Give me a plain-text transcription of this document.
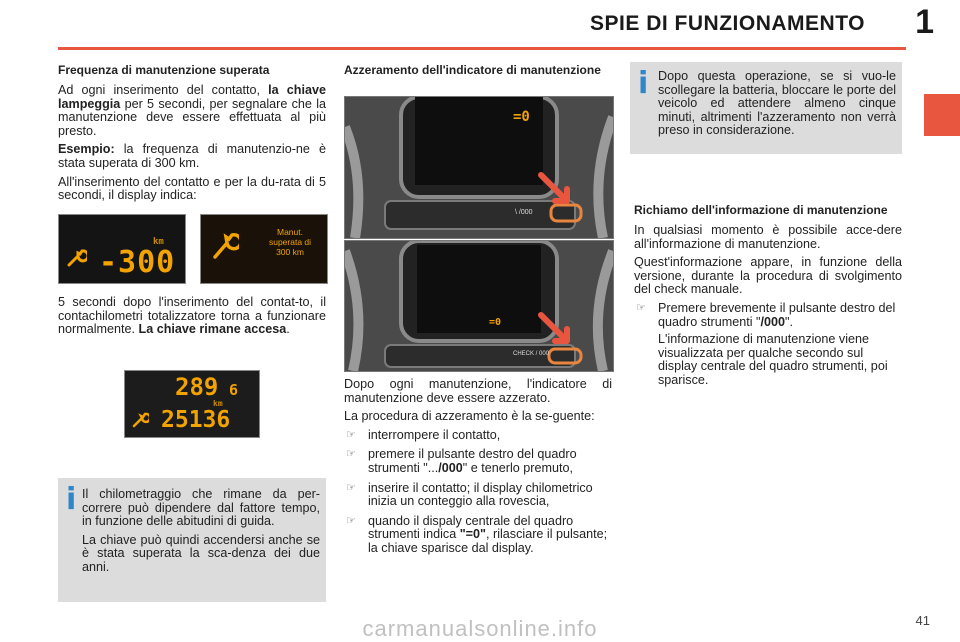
SPIE DI FUNZIONAMENTO 1
Frequenza di manutenzione superata

Ad ogni inserimento del contatto, la chiave lampeggia per 5 secondi, per segnalare che la manutenzione deve essere effettuata al più presto.

Esempio: la frequenza di manutenzio-ne è stata superata di 300 km.

All'inserimento del contatto e per la du-rata di 5 secondi, il display indica:

km
-300
Manut.
superata di
300 km

5 secondi dopo l'inserimento del contat-to, il contachilometri totalizzatore torna a funzionare normalmente. La chiave rimane accesa.

289 6
km
25136
i Il chilometraggio che rimane da per-correre può dipendere dal fattore tempo, in funzione delle abitudini di guida.

La chiave può quindi accendersi anche se è stata superata la sca-denza dei due anni.

Azzeramento dell'indicatore di manutenzione
=0
\ /000
=0
CHECK / 000

Dopo ogni manutenzione, l'indicatore di manutenzione deve essere azzerato.

La procedura di azzeramento è la se-guente:

☞ interrompere il contatto,
☞ premere il pulsante destro del quadro strumenti ".../000" e tenerlo premuto,
☞ inserire il contatto; il display chilometrico inizia un conteggio alla rovescia,
☞ quando il dispaly centrale del quadro strumenti indica "=0", rilasciare il pulsante; la chiave sparisce dal display.
i Dopo questa operazione, se si vuo-le scollegare la batteria, bloccare le porte del veicolo ed attendere almeno cinque minuti, altrimenti l'azzeramento non verrà preso in considerazione.
Richiamo dell'informazione di manutenzione

In qualsiasi momento è possibile acce-dere all'informazione di manutenzione.

Quest'informazione appare, in funzione della versione, durante la procedura di svolgimento del check manuale.

☞ Premere brevemente il pulsante destro del quadro strumenti "/000".
L'informazione di manutenzione viene visualizzata per qualche secondo sul display centrale del quadro strumenti, poi sparisce.
41
carmanualsonline.info
